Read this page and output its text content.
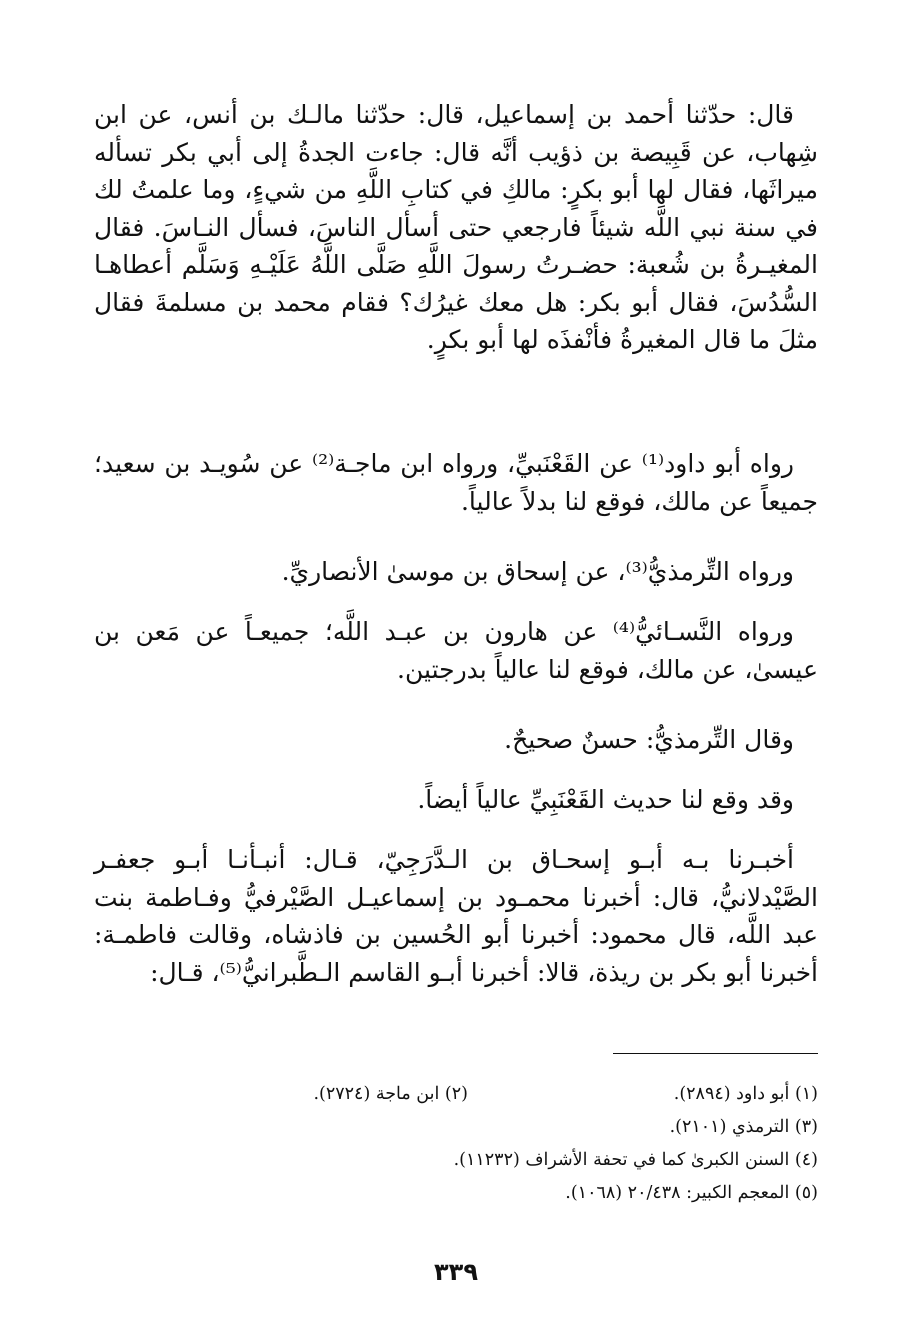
قال: حدّثنا أحمد بن إسماعيل، قال: حدّثنا مالـك بن أنس، عن ابن شِهاب، عن قَبِيصة بن ذؤيب أنَّه قال: جاءت الجدةُ إلى أبي بكر تسأله ميراثَها، فقال لها أبو بكرٍ: مالكِ في كتابِ اللَّهِ من شيءٍ، وما علمتُ لك في سنة نبي اللَّه شيئاً فارجعي حتى أسأل الناسَ، فسأل النـاسَ. فقال المغيـرةُ بن شُعبة: حضـرتُ رسولَ اللَّهِ صَلَّى اللَّهُ عَلَيْـهِ وَسَلَّم أعطاهـا السُّدُسَ، فقال أبو بكر: هل معك غيرُك؟ فقام محمد بن مسلمةَ فقال مثلَ ما قال المغيرةُ فأنْفذَه لها أبو بكرٍ.

رواه أبو داود⁽¹⁾ عن القَعْنَبيِّ، ورواه ابن ماجـة⁽²⁾ عن سُويـد بن سعيد؛ جميعاً عن مالك، فوقع لنا بدلاً عالياً.

ورواه التِّرمذيُّ⁽³⁾، عن إسحاق بن موسىٰ الأنصاريِّ.

ورواه النَّسـائيُّ⁽⁴⁾ عن هارون بن عبـد اللَّه؛ جميعـاً عن مَعن بن عيسىٰ، عن مالك، فوقع لنا عالياً بدرجتين.

وقال التِّرمذيُّ: حسنٌ صحيحٌ.

وقد وقع لنا حديث القَعْنَبِيِّ عالياً أيضاً.

أخبـرنا بـه أبـو إسحـاق بن الـدَّرَجِيّ، قـال: أنبـأنـا أبـو جعفـر الصَّيْدلانيُّ، قال: أخبرنا محمـود بن إسماعيـل الصَّيْرفيُّ وفـاطمة بنت عبد اللَّه، قال محمود: أخبرنا أبو الحُسين بن فاذشاه، وقالت فاطمـة: أخبرنا أبو بكر بن ريذة، قالا: أخبرنا أبـو القاسم الـطَّبرانيُّ⁽⁵⁾، قـال:

(١) أبو داود (٢٨٩٤).
(٢) ابن ماجة (٢٧٢٤).
(٣) الترمذي (٢١٠١).
(٤) السنن الكبرىٰ كما في تحفة الأشراف (١١٢٣٢).
(٥) المعجم الكبير: ٢٠/٤٣٨ (١٠٦٨).
٣٣٩
